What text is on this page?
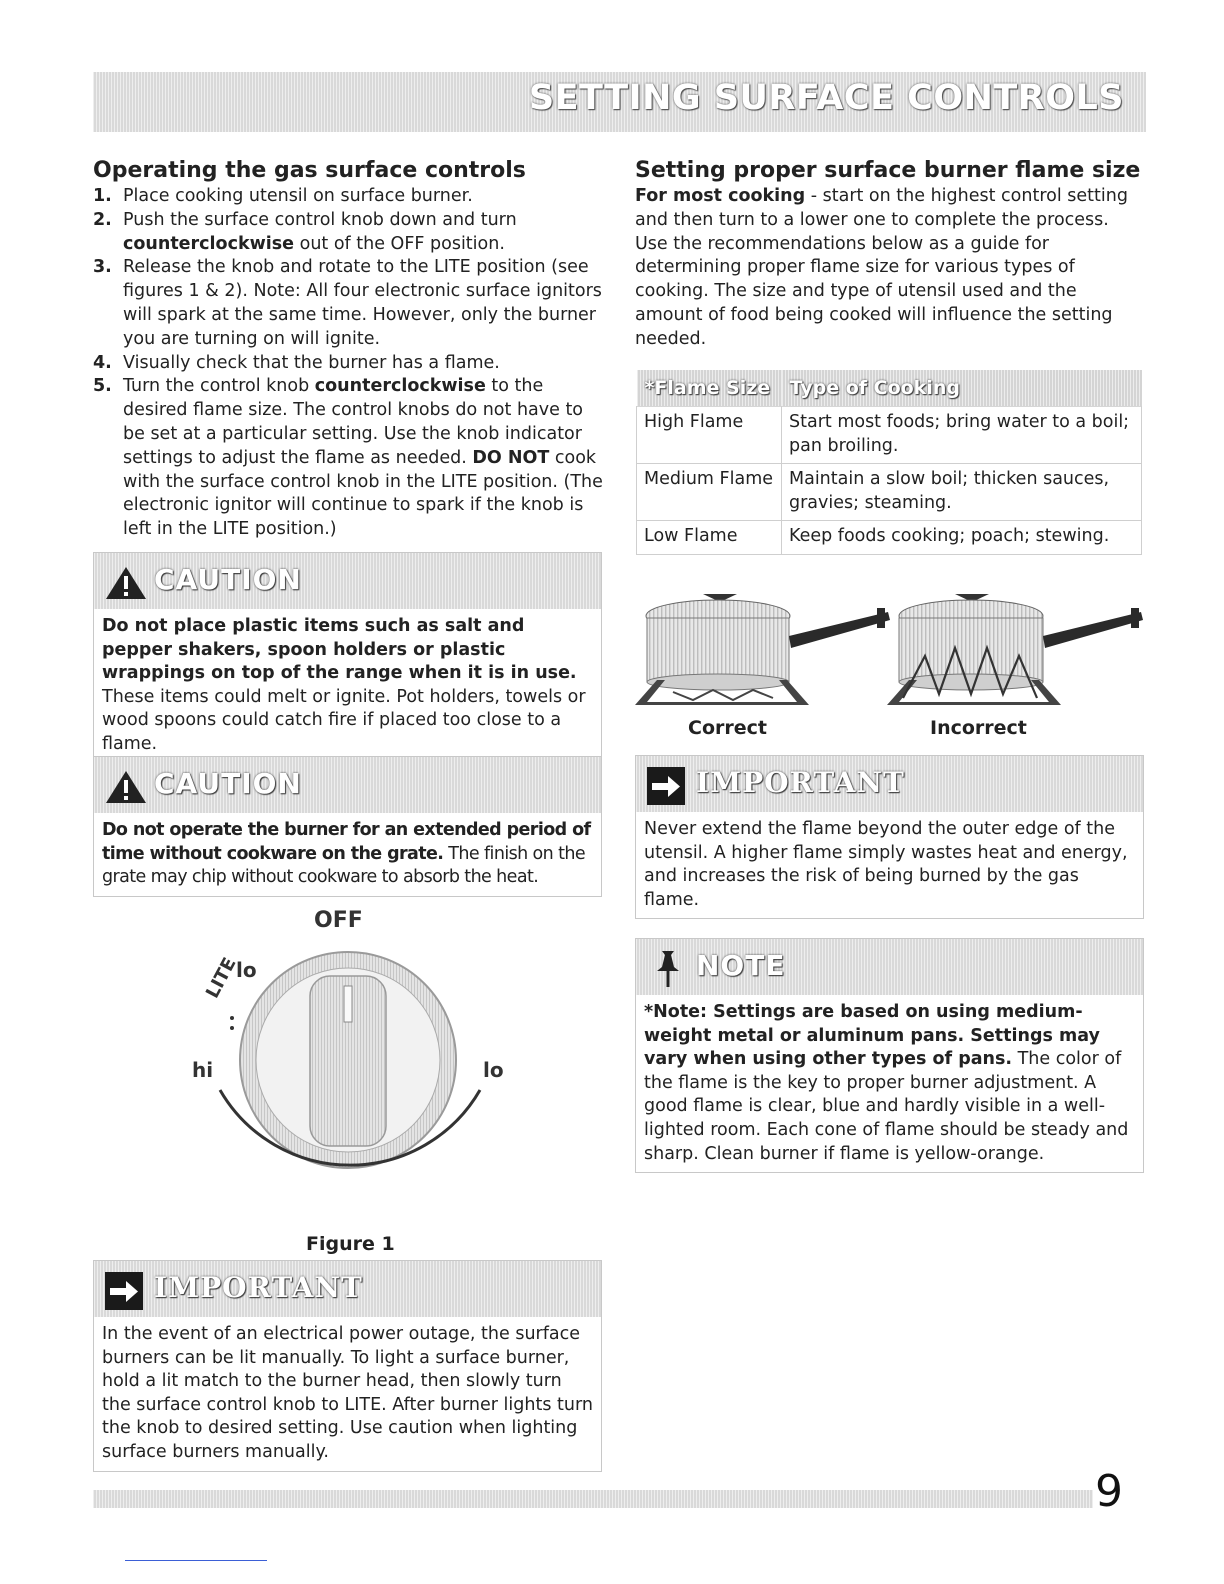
SETTING SURFACE CONTROLS
Operating the gas surface controls
1. Place cooking utensil on surface burner.
2. Push the surface control knob down and turn counterclockwise out of the OFF position.
3. Release the knob and rotate to the LITE position (see figures 1 & 2). Note: All four electronic surface ignitors will spark at the same time. However, only the burner you are turning on will ignite.
4. Visually check that the burner has a flame.
5. Turn the control knob counterclockwise to the desired flame size. The control knobs do not have to be set at a particular setting. Use the knob indicator settings to adjust the flame as needed. DO NOT cook with the surface control knob in the LITE position. (The electronic ignitor will continue to spark if the knob is left in the LITE position.)
CAUTION
Do not place plastic items such as salt and pepper shakers, spoon holders or plastic wrappings on top of the range when it is in use. These items could melt or ignite. Pot holders, towels or wood spoons could catch fire if placed too close to a flame.
CAUTION
Do not operate the burner for an extended period of time without cookware on the grate. The finish on the grate may chip without cookware to absorb the heat.
OFF
lo
LITE
hi	lo
Figure 1
IMPORTANT
In the event of an electrical power outage, the surface burners can be lit manually. To light a surface burner, hold a lit match to the burner head, then slowly turn the surface control knob to LITE. After burner lights turn the knob to desired setting. Use caution when lighting surface burners manually.
Setting proper surface burner flame size

For most cooking - start on the highest control setting and then turn to a lower one to complete the process. Use the recommendations below as a guide for determining proper flame size for various types of cooking. The size and type of utensil used and the amount of food being cooked will influence the setting needed.

*Flame Size	Type of Cooking
High Flame	Start most foods; bring water to a boil; pan broiling.
Medium Flame	Maintain a slow boil; thicken sauces, gravies; steaming.
Low Flame	Keep foods cooking; poach; stewing.
Correct	Incorrect
IMPORTANT
Never extend the flame beyond the outer edge of the utensil. A higher flame simply wastes heat and energy, and increases the risk of being burned by the gas flame.
NOTE
*Note: Settings are based on using medium-weight metal or aluminum pans. Settings may vary when using other types of pans. The color of the flame is the key to proper burner adjustment. A good flame is clear, blue and hardly visible in a well-lighted room. Each cone of flame should be steady and sharp. Clean burner if flame is yellow-orange.
9
